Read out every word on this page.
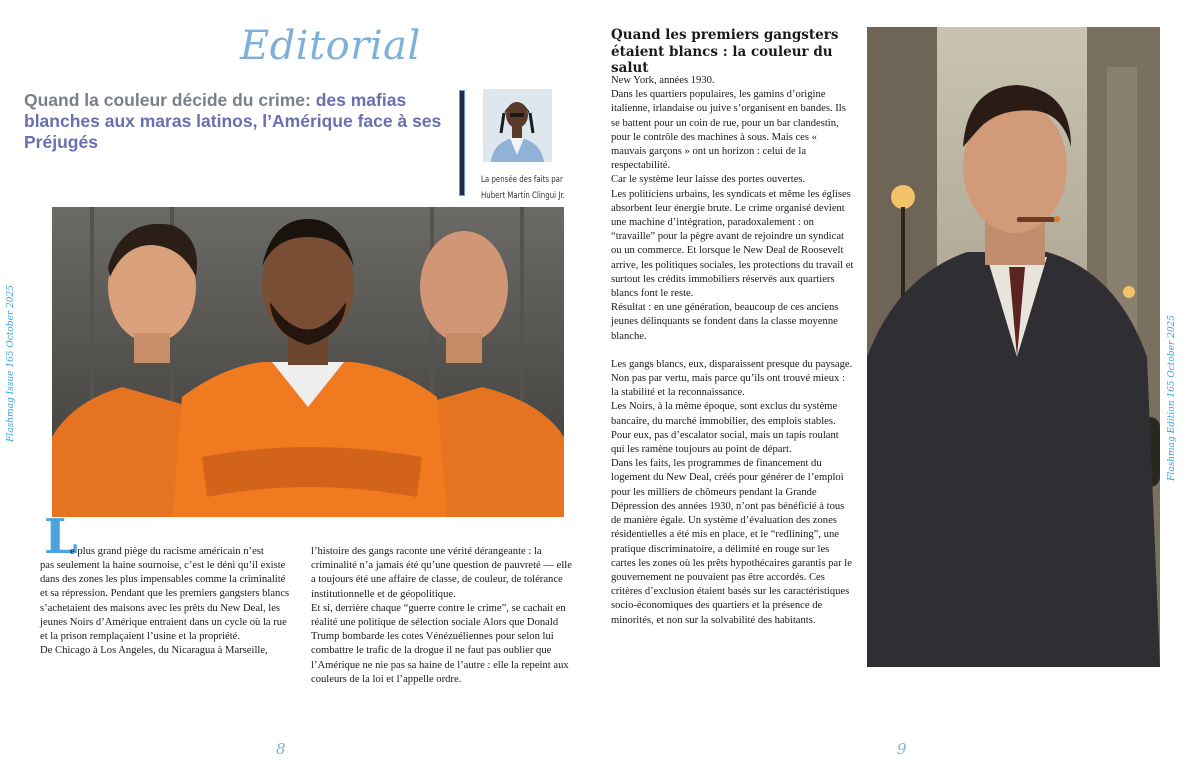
Editorial
Quand la couleur décide du crime: des mafias blanches aux maras latinos, l’Amérique face à ses Préjugés
La pensée des faits par Hubert Martin Clingui Jr.
Flashmag Issue 165 October 2025
L

e plus grand piège du racisme américain n’est

pas seulement la haine sournoise, c’est le déni qu’il existe dans des zones les plus impensables comme la criminalité et sa répression. Pendant que les premiers gangsters blancs s’achetaient des maisons avec les prêts du New Deal, les jeunes Noirs d’Amérique entraient dans un cycle où la rue et la prison remplaçaient l’usine et la propriété.

De Chicago à Los Angeles, du Nicaragua à Marseille,

l’histoire des gangs raconte une vérité dérangeante : la criminalité n’a jamais été qu’une question de pauvreté — elle a toujours été une affaire de classe, de couleur, de tolérance institutionnelle et de géopolitique.

Et si, derrière chaque “guerre contre le crime”, se cachait en réalité une politique de sélection sociale Alors que Donald Trump bombarde les cotes Vénézuéliennes pour selon lui combattre le trafic de la drogue il ne faut pas oublier que l’Amérique ne nie pas sa haine de l’autre : elle la repeint aux couleurs de la loi et l’appelle ordre.

8
Quand les premiers gangsters étaient blancs : la couleur du salut

New York, années 1930.

Dans les quartiers populaires, les gamins d’origine italienne, irlandaise ou juive s’organisent en bandes. Ils se battent pour un coin de rue, pour un bar clandestin, pour le contrôle des machines à sous. Mais ces « mauvais garçons » ont un horizon : celui de la respectabilité.

Car le système leur laisse des portes ouvertes.

Les politiciens urbains, les syndicats et même les églises absorbent leur énergie brute. Le crime organisé devient une machine d’intégration, paradoxalement : on “travaille” pour la pègre avant de rejoindre un syndicat ou un commerce. Et lorsque le New Deal de Roosevelt arrive, les politiques sociales, les protections du travail et surtout les crédits immobiliers réservés aux quartiers blancs font le reste.

Résultat : en une génération, beaucoup de ces anciens jeunes délinquants se fondent dans la classe moyenne blanche.

Les gangs blancs, eux, disparaissent presque du paysage. Non pas par vertu, mais parce qu’ils ont trouvé mieux : la stabilité et la reconnaissance.

Les Noirs, à la même époque, sont exclus du système bancaire, du marché immobilier, des emplois stables. Pour eux, pas d’escalator social, mais un tapis roulant qui les ramène toujours au point de départ.

Dans les faits, les programmes de financement du logement du New Deal, créés pour générer de l’emploi pour les milliers de chômeurs pendant la Grande Dépression des années 1930, n’ont pas bénéficié à tous de manière égale. Un système d’évaluation des zones résidentielles a été mis en place, et le “redlining”, une pratique discriminatoire, a délimité en rouge sur les cartes les zones où les prêts hypothécaires garantis par le gouvernement ne pouvaient pas être accordés. Ces critères d’exclusion étaient basés sur les caractéristiques socio-économiques des quartiers et la présence de minorités, et non sur la solvabilité des habitants.

Flashmag Edition 165 October 2025
9
